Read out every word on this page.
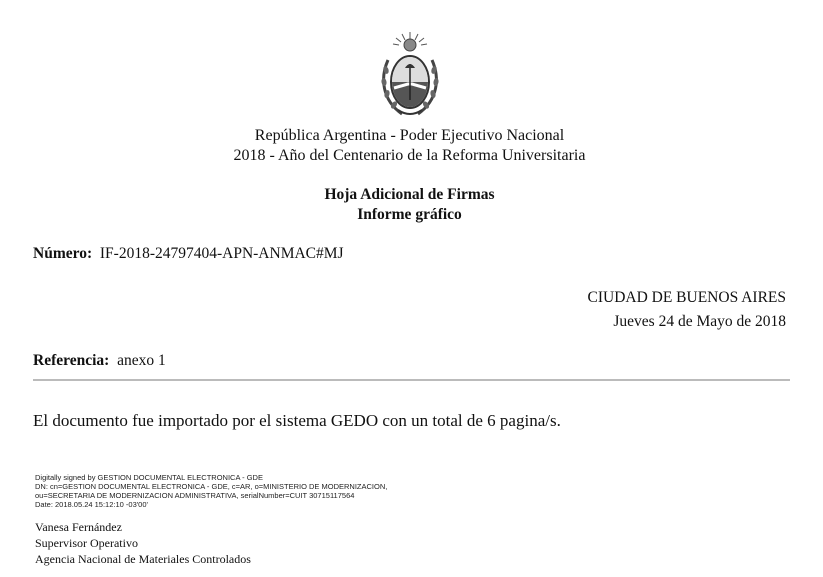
República Argentina - Poder Ejecutivo Nacional
2018 - Año del Centenario de la Reforma Universitaria
Hoja Adicional de Firmas
Informe gráfico
Número: IF-2018-24797404-APN-ANMAC#MJ
CIUDAD DE BUENOS AIRES
Jueves 24 de Mayo de 2018
Referencia: anexo 1
El documento fue importado por el sistema GEDO con un total de 6 pagina/s.
Digitally signed by GESTION DOCUMENTAL ELECTRONICA - GDE
DN: cn=GESTION DOCUMENTAL ELECTRONICA - GDE, c=AR, o=MINISTERIO DE MODERNIZACION,
ou=SECRETARIA DE MODERNIZACION ADMINISTRATIVA, serialNumber=CUIT 30715117564
Date: 2018.05.24 15:12:10 -03'00'
Vanesa Fernández
Supervisor Operativo
Agencia Nacional de Materiales Controlados
